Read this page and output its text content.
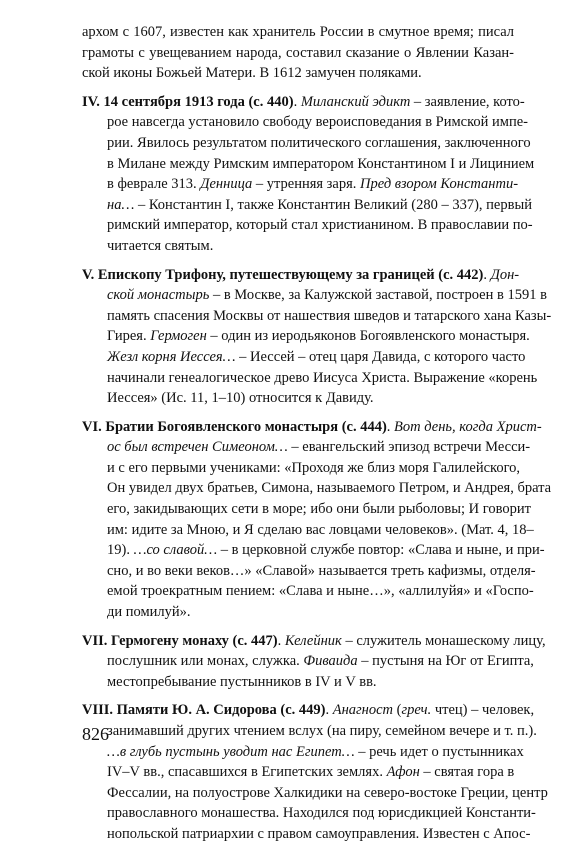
архом с 1607, известен как хранитель России в смутное время; писал
грамоты с увещеванием народа, составил сказание о Явлении Казан-
ской иконы Божьей Матери. В 1612 замучен поляками.
IV. 14 сентября 1913 года (с. 440). Миланский эдикт – заявление, кото-
рое навсегда установило свободу вероисповедания в Римской импе-
рии. Явилось результатом политического соглашения, заключенного
в Милане между Римским императором Константином I и Лицинием
в феврале 313. Денница – утренняя заря. Пред взором Константи-
на… – Константин I, также Константин Великий (280 – 337), первый
римский император, который стал христианином. В православии по-
читается святым.
V. Епископу Трифону, путешествующему за границей (с. 442). Дон-
ской монастырь – в Москве, за Калужской заставой, построен в 1591 в
память спасения Москвы от нашествия шведов и татарского хана Казы-
Гирея. Гермоген – один из иеродьяконов Богоявленского монастыря.
Жезл корня Иессея… – Иессей – отец царя Давида, с которого часто
начинали генеалогическое древо Иисуса Христа. Выражение «корень
Иессея» (Ис. 11, 1–10) относится к Давиду.
VI. Братии Богоявленского монастыря (с. 444). Вот день, когда Христ-
ос был встречен Симеоном… – евангельский эпизод встречи Месси-
и с его первыми учениками: «Проходя же близ моря Галилейского,
Он увидел двух братьев, Симона, называемого Петром, и Андрея, брата
его, закидывающих сети в море; ибо они были рыболовы; И говорит
им: идите за Мною, и Я сделаю вас ловцами человеков». (Мат. 4, 18–
19). …со славой… – в церковной службе повтор: «Слава и ныне, и при-
сно, и во веки веков…» «Славой» называется треть кафизмы, отделя-
емой троекратным пением: «Слава и ныне…», «аллилуйя» и «Госпо-
ди помилуй».
VII. Гермогену монаху (с. 447). Келейник – служитель монашескому лицу,
послушник или монах, служка. Фиваида – пустыня на Юг от Египта,
местопребывание пустынников в IV и V вв.
VIII. Памяти Ю. А. Сидорова (с. 449). Анагност (греч. чтец) – человек,
занимавший других чтением вслух (на пиру, семейном вечере и т. п.).
…в глубь пустынь уводит нас Египет… – речь идет о пустынниках
IV–V вв., спасавшихся в Египетских землях. Афон – святая гора в
Фессалии, на полуострове Халкидики на северо-востоке Греции, центр
православного монашества. Находился под юрисдикцией Константи-
нопольской патриархии с правом самоуправления. Известен с Апос-
826
